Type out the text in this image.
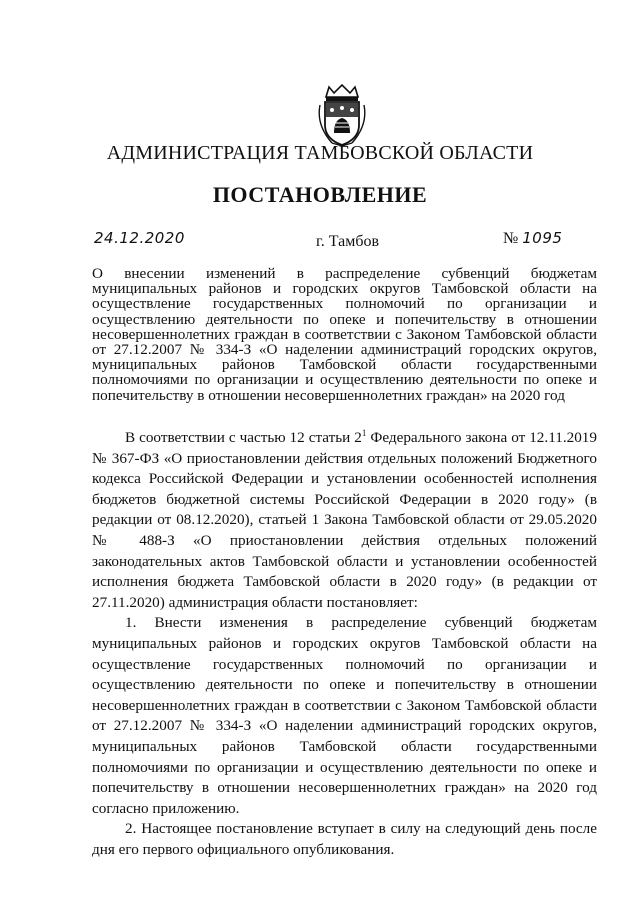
АДМИНИСТРАЦИЯ ТАМБОВСКОЙ ОБЛАСТИ
ПОСТАНОВЛЕНИЕ
24.12.2020	г. Тамбов	№ 1095
О внесении изменений в распределение субвенций бюджетам муниципальных районов и городских округов Тамбовской области на осуществление государственных полномочий по организации и осуществлению деятельности по опеке и попечительству в отношении несовершеннолетних граждан в соответствии с Законом Тамбовской области от 27.12.2007 № 334-З «О наделении администраций городских округов, муниципальных районов Тамбовской области государственными полномочиями по организации и осуществлению деятельности по опеке и попечительству в отношении несовершеннолетних граждан» на 2020 год

В соответствии с частью 12 статьи $2^1$ Федерального закона от 12.11.2019 № 367-ФЗ «О приостановлении действия отдельных положений Бюджетного кодекса Российской Федерации и установлении особенностей исполнения бюджетов бюджетной системы Российской Федерации в 2020 году» (в редакции от 08.12.2020), статьей 1 Закона Тамбовской области от 29.05.2020 № 488-З «О приостановлении действия отдельных положений законодательных актов Тамбовской области и установлении особенностей исполнения бюджета Тамбовской области в 2020 году» (в редакции от 27.11.2020) администрация области постановляет:

1. Внести изменения в распределение субвенций бюджетам муниципальных районов и городских округов Тамбовской области на осуществление государственных полномочий по организации и осуществлению деятельности по опеке и попечительству в отношении несовершеннолетних граждан в соответствии с Законом Тамбовской области от 27.12.2007 № 334-З «О наделении администраций городских округов, муниципальных районов Тамбовской области государственными полномочиями по организации и осуществлению деятельности по опеке и попечительству в отношении несовершеннолетних граждан» на 2020 год согласно приложению.

2. Настоящее постановление вступает в силу на следующий день после дня его первого официального опубликования.
